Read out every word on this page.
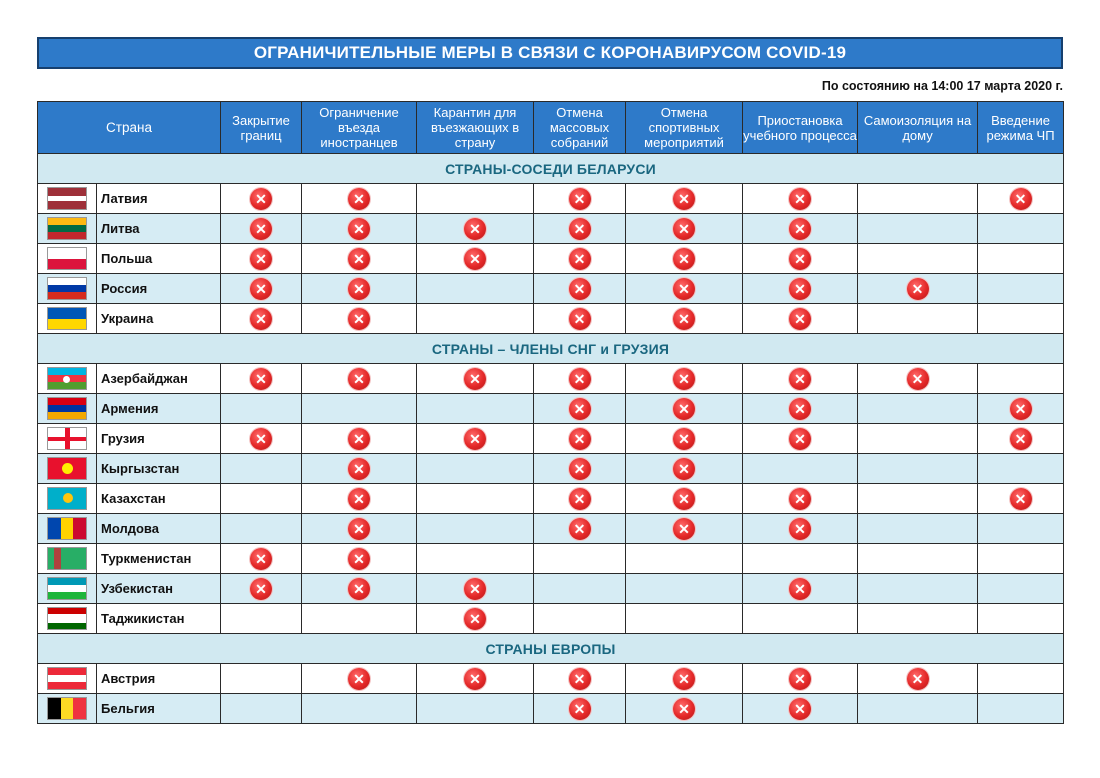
ОГРАНИЧИТЕЛЬНЫЕ МЕРЫ В СВЯЗИ С КОРОНАВИРУСОМ COVID-19
По состоянию на 14:00 17 марта 2020 г.
Страна		Закрытие границ	Ограничение въезда иностранцев	Карантин для въезжающих в страну	Отмена массовых собраний	Отмена спортивных мероприятий	Приостановка учебного процесса	Самоизоляция на дому	Введение режима ЧП
СТРАНЫ-СОСЕДИ БЕЛАРУСИ									

	Латвия	✕	✕		✕	✕	✕		✕

	Литва	✕	✕	✕	✕	✕	✕		

	Польша	✕	✕	✕	✕	✕	✕		

	Россия	✕	✕		✕	✕	✕	✕	

	Украина	✕	✕		✕	✕	✕		
СТРАНЫ – ЧЛЕНЫ СНГ и ГРУЗИЯ									

	Азербайджан	✕	✕	✕	✕	✕	✕	✕	

	Армения				✕	✕	✕		✕

	Грузия	✕	✕	✕	✕	✕	✕		✕

	Кыргызстан		✕		✕	✕			

	Казахстан		✕		✕	✕	✕		✕

	Молдова		✕		✕	✕	✕		

	Туркменистан	✕	✕						

	Узбекистан	✕	✕	✕			✕		

	Таджикистан			✕					
СТРАНЫ ЕВРОПЫ									

	Австрия		✕	✕	✕	✕	✕	✕	

	Бельгия				✕	✕	✕		
